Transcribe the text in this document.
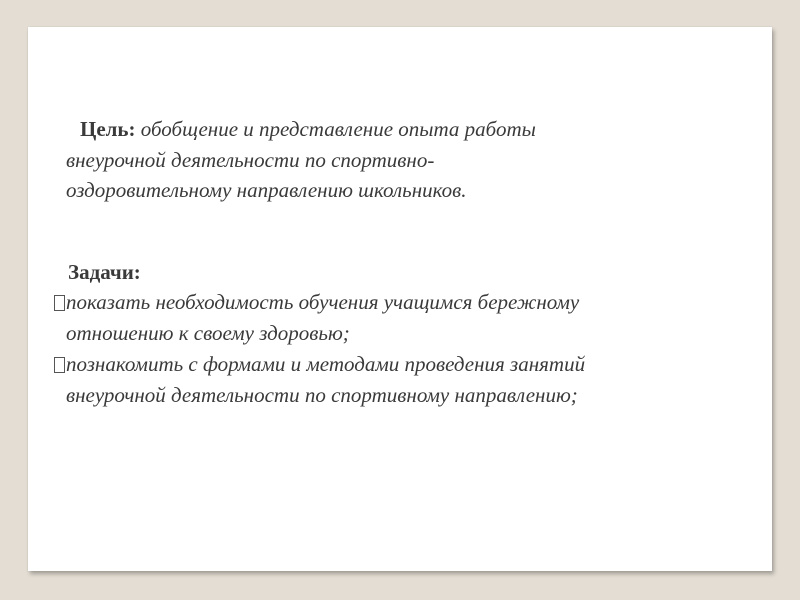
Цель: обобщение и представление опыта работы
внеурочной деятельности по спортивно-
оздоровительному направлению школьников.
Задачи:
показать необходимость обучения учащимся бережному
отношению к своему здоровью;
познакомить с формами и методами проведения занятий
внеурочной деятельности по спортивному направлению;
